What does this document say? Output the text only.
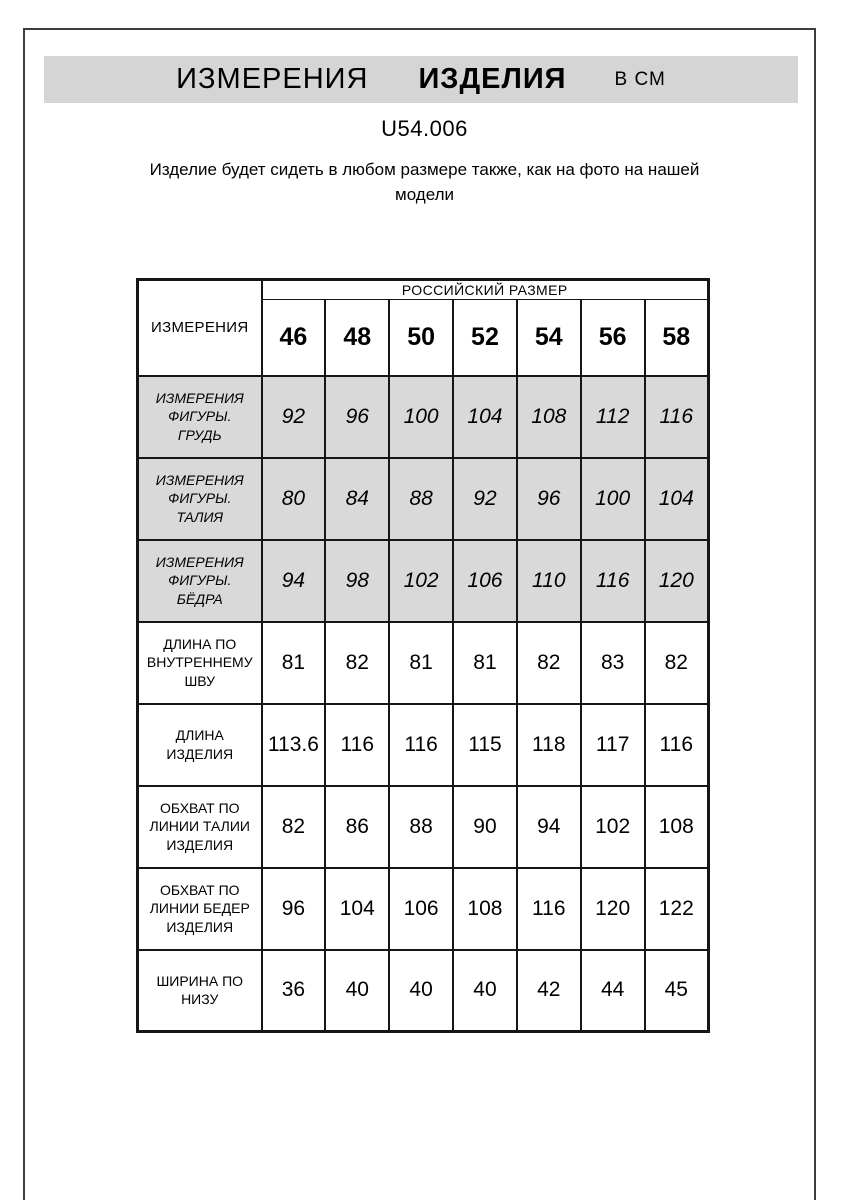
ИЗМЕРЕНИЯ ИЗДЕЛИЯ	В СМ
U54.006
Изделие будет сидеть в любом размере также, как на фото на нашей модели
ИЗМЕРЕНИЯ	РОССИЙСКИЙ РАЗМЕР						
	46	48	50	52	54	56	58
ИЗМЕРЕНИЯ ФИГУРЫ. ГРУДЬ	92	96	100	104	108	112	116
ИЗМЕРЕНИЯ ФИГУРЫ. ТАЛИЯ	80	84	88	92	96	100	104
ИЗМЕРЕНИЯ ФИГУРЫ. БЁДРА	94	98	102	106	110	116	120
ДЛИНА ПО ВНУТРЕННЕМУ ШВУ	81	82	81	81	82	83	82
ДЛИНА ИЗДЕЛИЯ	113.6	116	116	115	118	117	116
ОБХВАТ ПО ЛИНИИ ТАЛИИ ИЗДЕЛИЯ	82	86	88	90	94	102	108
ОБХВАТ ПО ЛИНИИ БЕДЕР ИЗДЕЛИЯ	96	104	106	108	116	120	122
ШИРИНА ПО НИЗУ	36	40	40	40	42	44	45
